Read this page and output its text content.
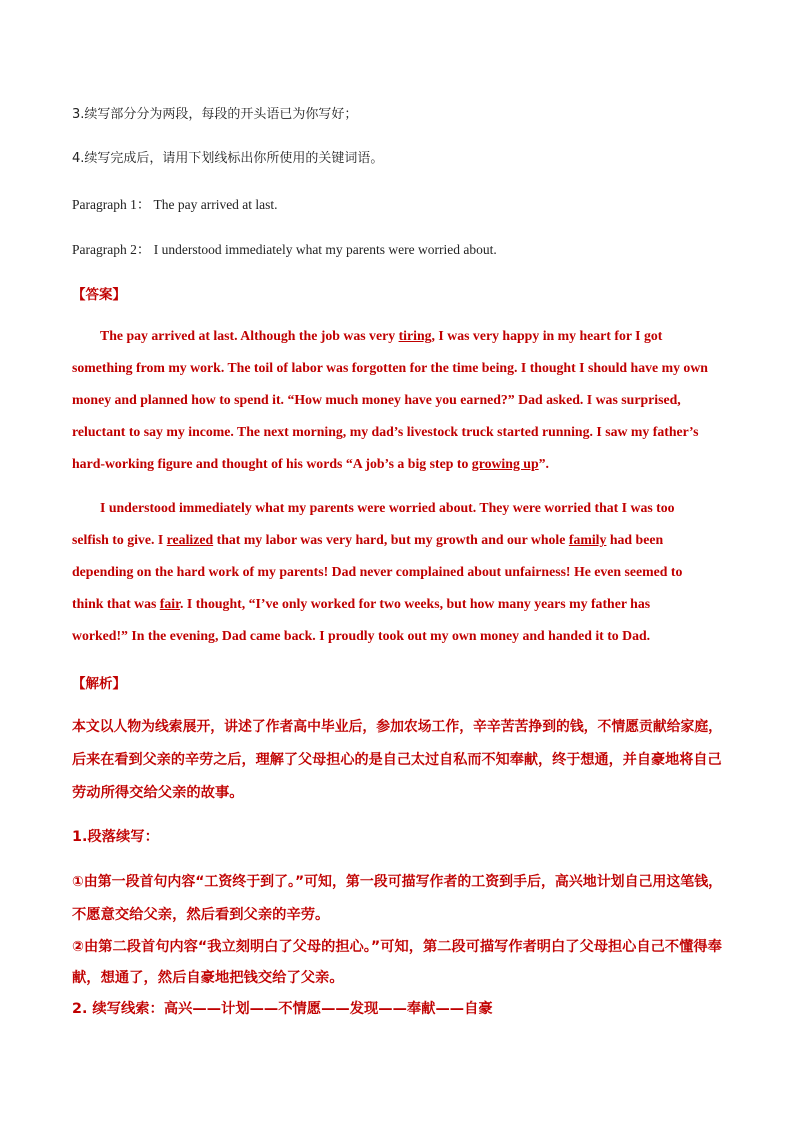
3.续写部分分为两段，每段的开头语已为你写好；
4.续写完成后，请用下划线标出你所使用的关键词语。
Paragraph 1： The pay arrived at last.
Paragraph 2： I understood immediately what my parents were worried about.
【答案】
The pay arrived at last. Although the job was very tiring, I was very happy in my heart for I got
something from my work. The toil of labor was forgotten for the time being. I thought I should have my own
money and planned how to spend it. “How much money have you earned?” Dad asked. I was surprised,
reluctant to say my income. The next morning, my dad’s livestock truck started running. I saw my father’s
hard-working figure and thought of his words “A job’s a big step to growing up”.
I understood immediately what my parents were worried about. They were worried that I was too
selfish to give. I realized that my labor was very hard, but my growth and our whole family had been
depending on the hard work of my parents! Dad never complained about unfairness! He even seemed to
think that was fair. I thought, “I’ve only worked for two weeks, but how many years my father has
worked!” In the evening, Dad came back. I proudly took out my own money and handed it to Dad.
【解析】
本文以人物为线索展开，讲述了作者高中毕业后，参加农场工作，辛辛苦苦挣到的钱，不情愿贡献给家庭，
后来在看到父亲的辛劳之后，理解了父母担心的是自己太过自私而不知奉献，终于想通，并自豪地将自己
劳动所得交给父亲的故事。
1.段落续写：
①由第一段首句内容“工资终于到了。”可知，第一段可描写作者的工资到手后，高兴地计划自己用这笔钱，
不愿意交给父亲，然后看到父亲的辛劳。
②由第二段首句内容“我立刻明白了父母的担心。”可知，第二段可描写作者明白了父母担心自己不懂得奉
献，想通了，然后自豪地把钱交给了父亲。
2. 续写线索：高兴——计划——不情愿——发现——奉献——自豪
